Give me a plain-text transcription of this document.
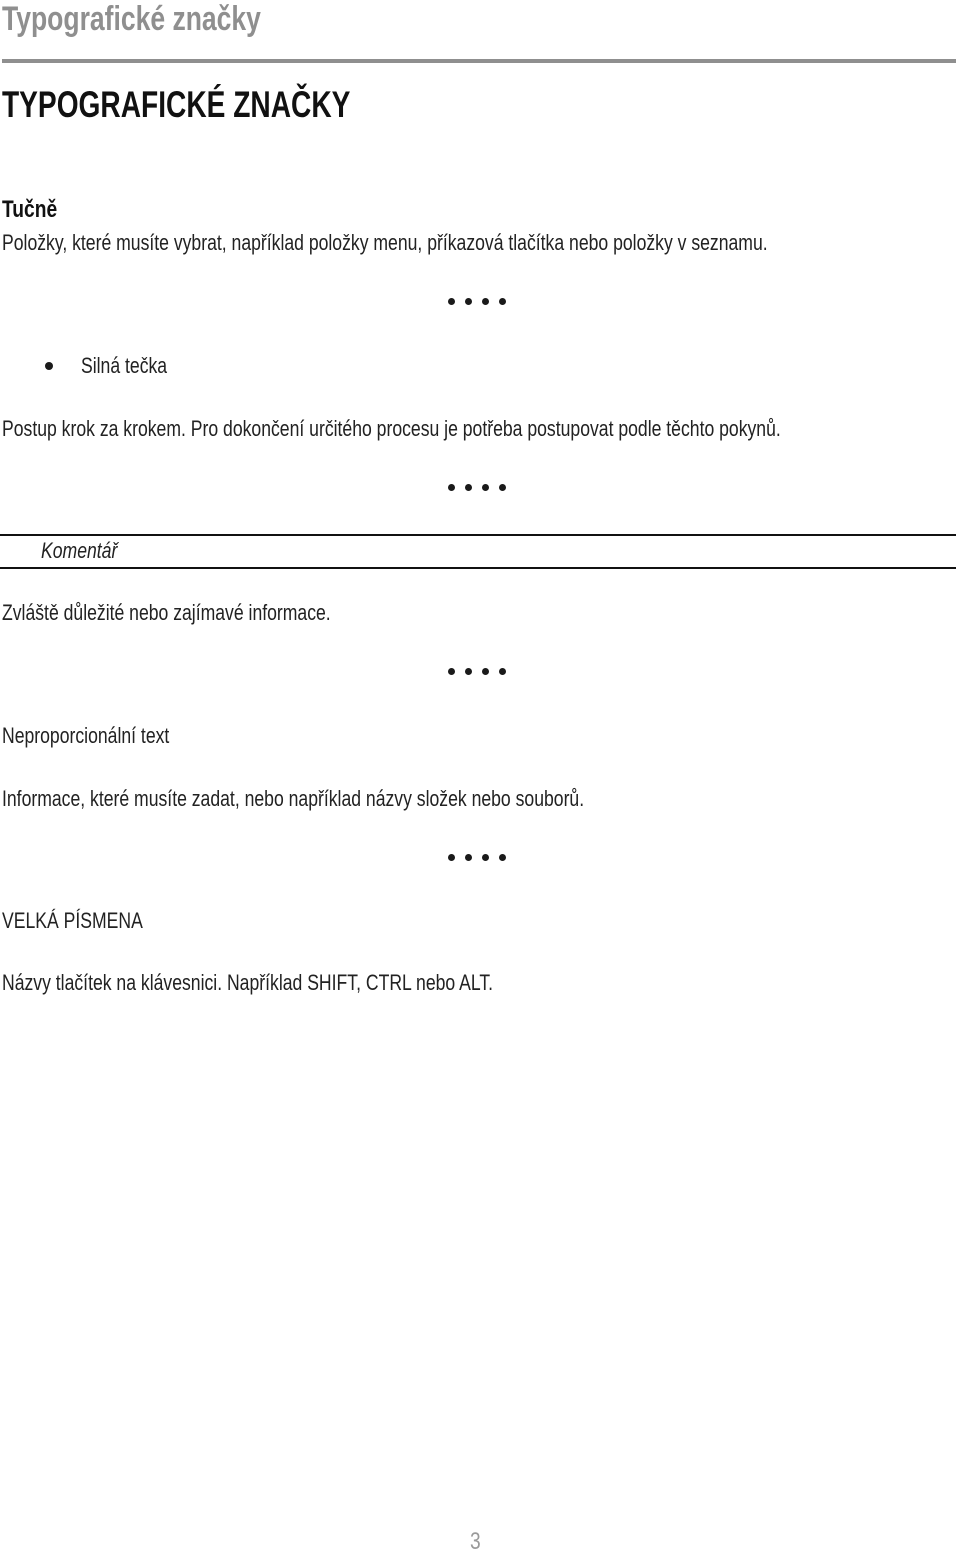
Typografické značky
TYPOGRAFICKÉ ZNAČKY
Tučně
Položky, které musíte vybrat, například položky menu, příkazová tlačítka nebo položky v seznamu.
Silná tečka
Postup krok za krokem. Pro dokončení určitého procesu je potřeba postupovat podle těchto pokynů.
Komentář
Zvláště důležité nebo zajímavé informace.
Neproporcionální text
Informace, které musíte zadat, nebo například názvy složek nebo souborů.
VELKÁ PÍSMENA
Názvy tlačítek na klávesnici. Například SHIFT, CTRL nebo ALT.
3
